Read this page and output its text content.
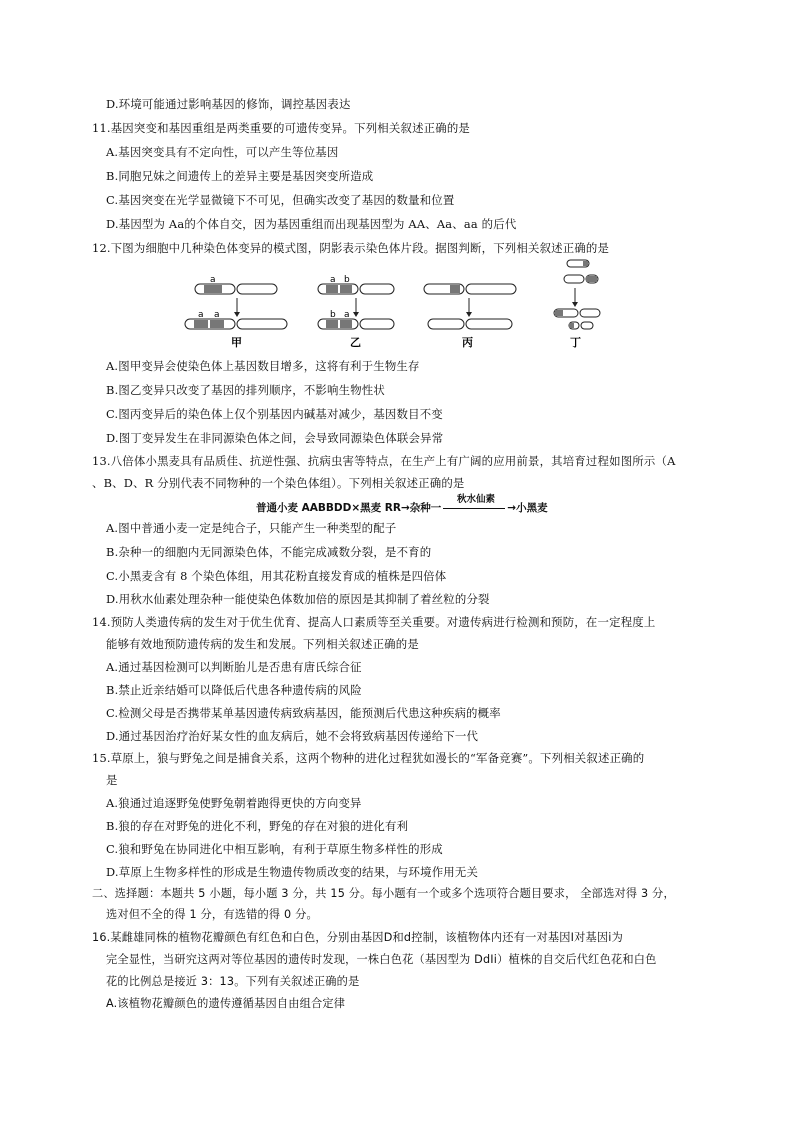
D.环境可能通过影响基因的修饰，调控基因表达
11.基因突变和基因重组是两类重要的可遗传变异。下列相关叙述正确的是
A.基因突变具有不定向性，可以产生等位基因
B.同胞兄妹之间遗传上的差异主要是基因突变所造成
C.基因突变在光学显微镜下不可见，但确实改变了基因的数量和位置
D.基因型为 Aa的个体自交，因为基因重组而出现基因型为 AA、Aa、aa 的后代
12.下图为细胞中几种染色体变异的模式图，阴影表示染色体片段。据图判断，下列相关叙述正确的是
a
a a
甲
a b
b a
乙	丙	丁
A.图甲变异会使染色体上基因数目增多，这将有利于生物生存
B.图乙变异只改变了基因的排列顺序，不影响生物性状
C.图丙变异后的染色体上仅个别基因内碱基对减少，基因数目不变
D.图丁变异发生在非同源染色体之间，会导致同源染色体联会异常
13.八倍体小黑麦具有品质佳、抗逆性强、抗病虫害等特点，在生产上有广阔的应用前景，其培育过程如图所示（A
、B、D、R 分别代表不同物种的一个染色体组）。下列相关叙述正确的是
普通小麦 AABBDD×黑麦 RR→杂种一	→小黑麦
秋水仙素
A.图中普通小麦一定是纯合子，只能产生一种类型的配子
B.杂种一的细胞内无同源染色体，不能完成减数分裂，是不育的
C.小黑麦含有 8 个染色体组，用其花粉直接发育成的植株是四倍体
D.用秋水仙素处理杂种一能使染色体数加倍的原因是其抑制了着丝粒的分裂
14.预防人类遗传病的发生对于优生优育、提高人口素质等至关重要。对遗传病进行检测和预防，在一定程度上
能够有效地预防遗传病的发生和发展。下列相关叙述正确的是
A.通过基因检测可以判断胎儿是否患有唐氏综合征
B.禁止近亲结婚可以降低后代患各种遗传病的风险
C.检测父母是否携带某单基因遗传病致病基因，能预测后代患这种疾病的概率
D.通过基因治疗治好某女性的血友病后，她不会将致病基因传递给下一代
15.草原上，狼与野兔之间是捕食关系，这两个物种的进化过程犹如漫长的“军备竞赛”。下列相关叙述正确的
是
A.狼通过追逐野兔使野兔朝着跑得更快的方向变异
B.狼的存在对野兔的进化不利，野兔的存在对狼的进化有利
C.狼和野兔在协同进化中相互影响，有利于草原生物多样性的形成
D.草原上生物多样性的形成是生物遗传物质改变的结果，与环境作用无关
二、选择题：本题共 5 小题，每小题 3 分，共 15 分。每小题有一个或多个选项符合题目要求， 全部选对得 3 分，
选对但不全的得 1 分，有选错的得 0 分。
16.某雌雄同株的植物花瓣颜色有红色和白色，分别由基因D和d控制，该植物体内还有一对基因Ⅰ对基因i为
完全显性，当研究这两对等位基因的遗传时发现，一株白色花（基因型为 DdIi）植株的自交后代红色花和白色
花的比例总是接近 3：13。下列有关叙述正确的是
A.该植物花瓣颜色的遗传遵循基因自由组合定律
